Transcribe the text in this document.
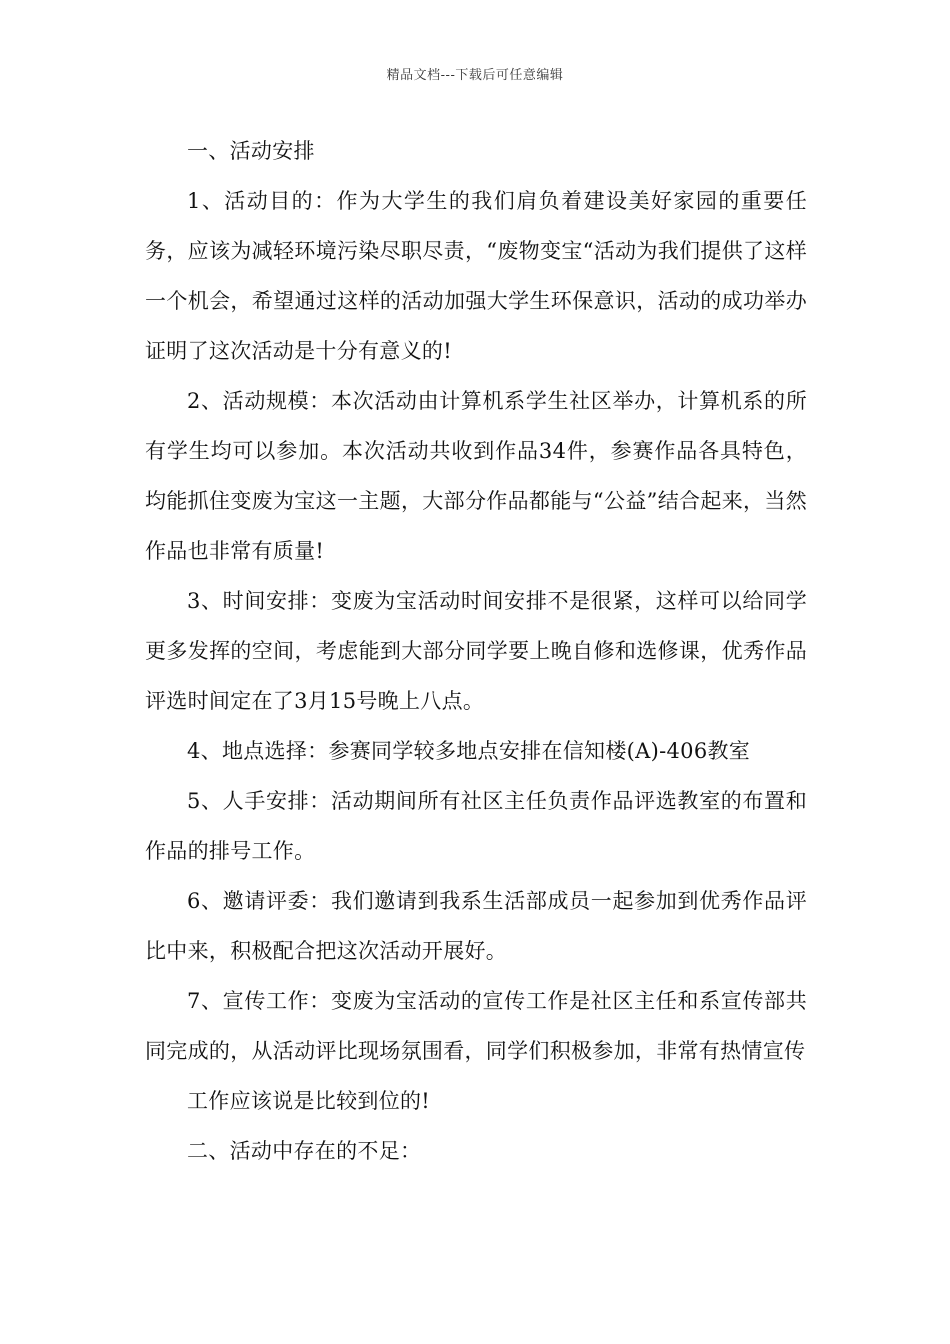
精品文档---下载后可任意编辑

一、活动安排

1、活动目的：作为大学生的我们肩负着建设美好家园的重要任务，应该为减轻环境污染尽职尽责，“废物变宝“活动为我们提供了这样一个机会，希望通过这样的活动加强大学生环保意识，活动的成功举办证明了这次活动是十分有意义的!

2、活动规模：本次活动由计算机系学生社区举办，计算机系的所有学生均可以参加。本次活动共收到作品34件，参赛作品各具特色，均能抓住变废为宝这一主题，大部分作品都能与“公益”结合起来，当然作品也非常有质量!

3、时间安排：变废为宝活动时间安排不是很紧，这样可以给同学更多发挥的空间，考虑能到大部分同学要上晚自修和选修课，优秀作品评选时间定在了3月15号晚上八点。

4、地点选择：参赛同学较多地点安排在信知楼(A)-406教室

5、人手安排：活动期间所有社区主任负责作品评选教室的布置和作品的排号工作。

6、邀请评委：我们邀请到我系生活部成员一起参加到优秀作品评比中来，积极配合把这次活动开展好。

7、宣传工作：变废为宝活动的宣传工作是社区主任和系宣传部共同完成的，从活动评比现场氛围看，同学们积极参加，非常有热情宣传

工作应该说是比较到位的!

二、活动中存在的不足：
